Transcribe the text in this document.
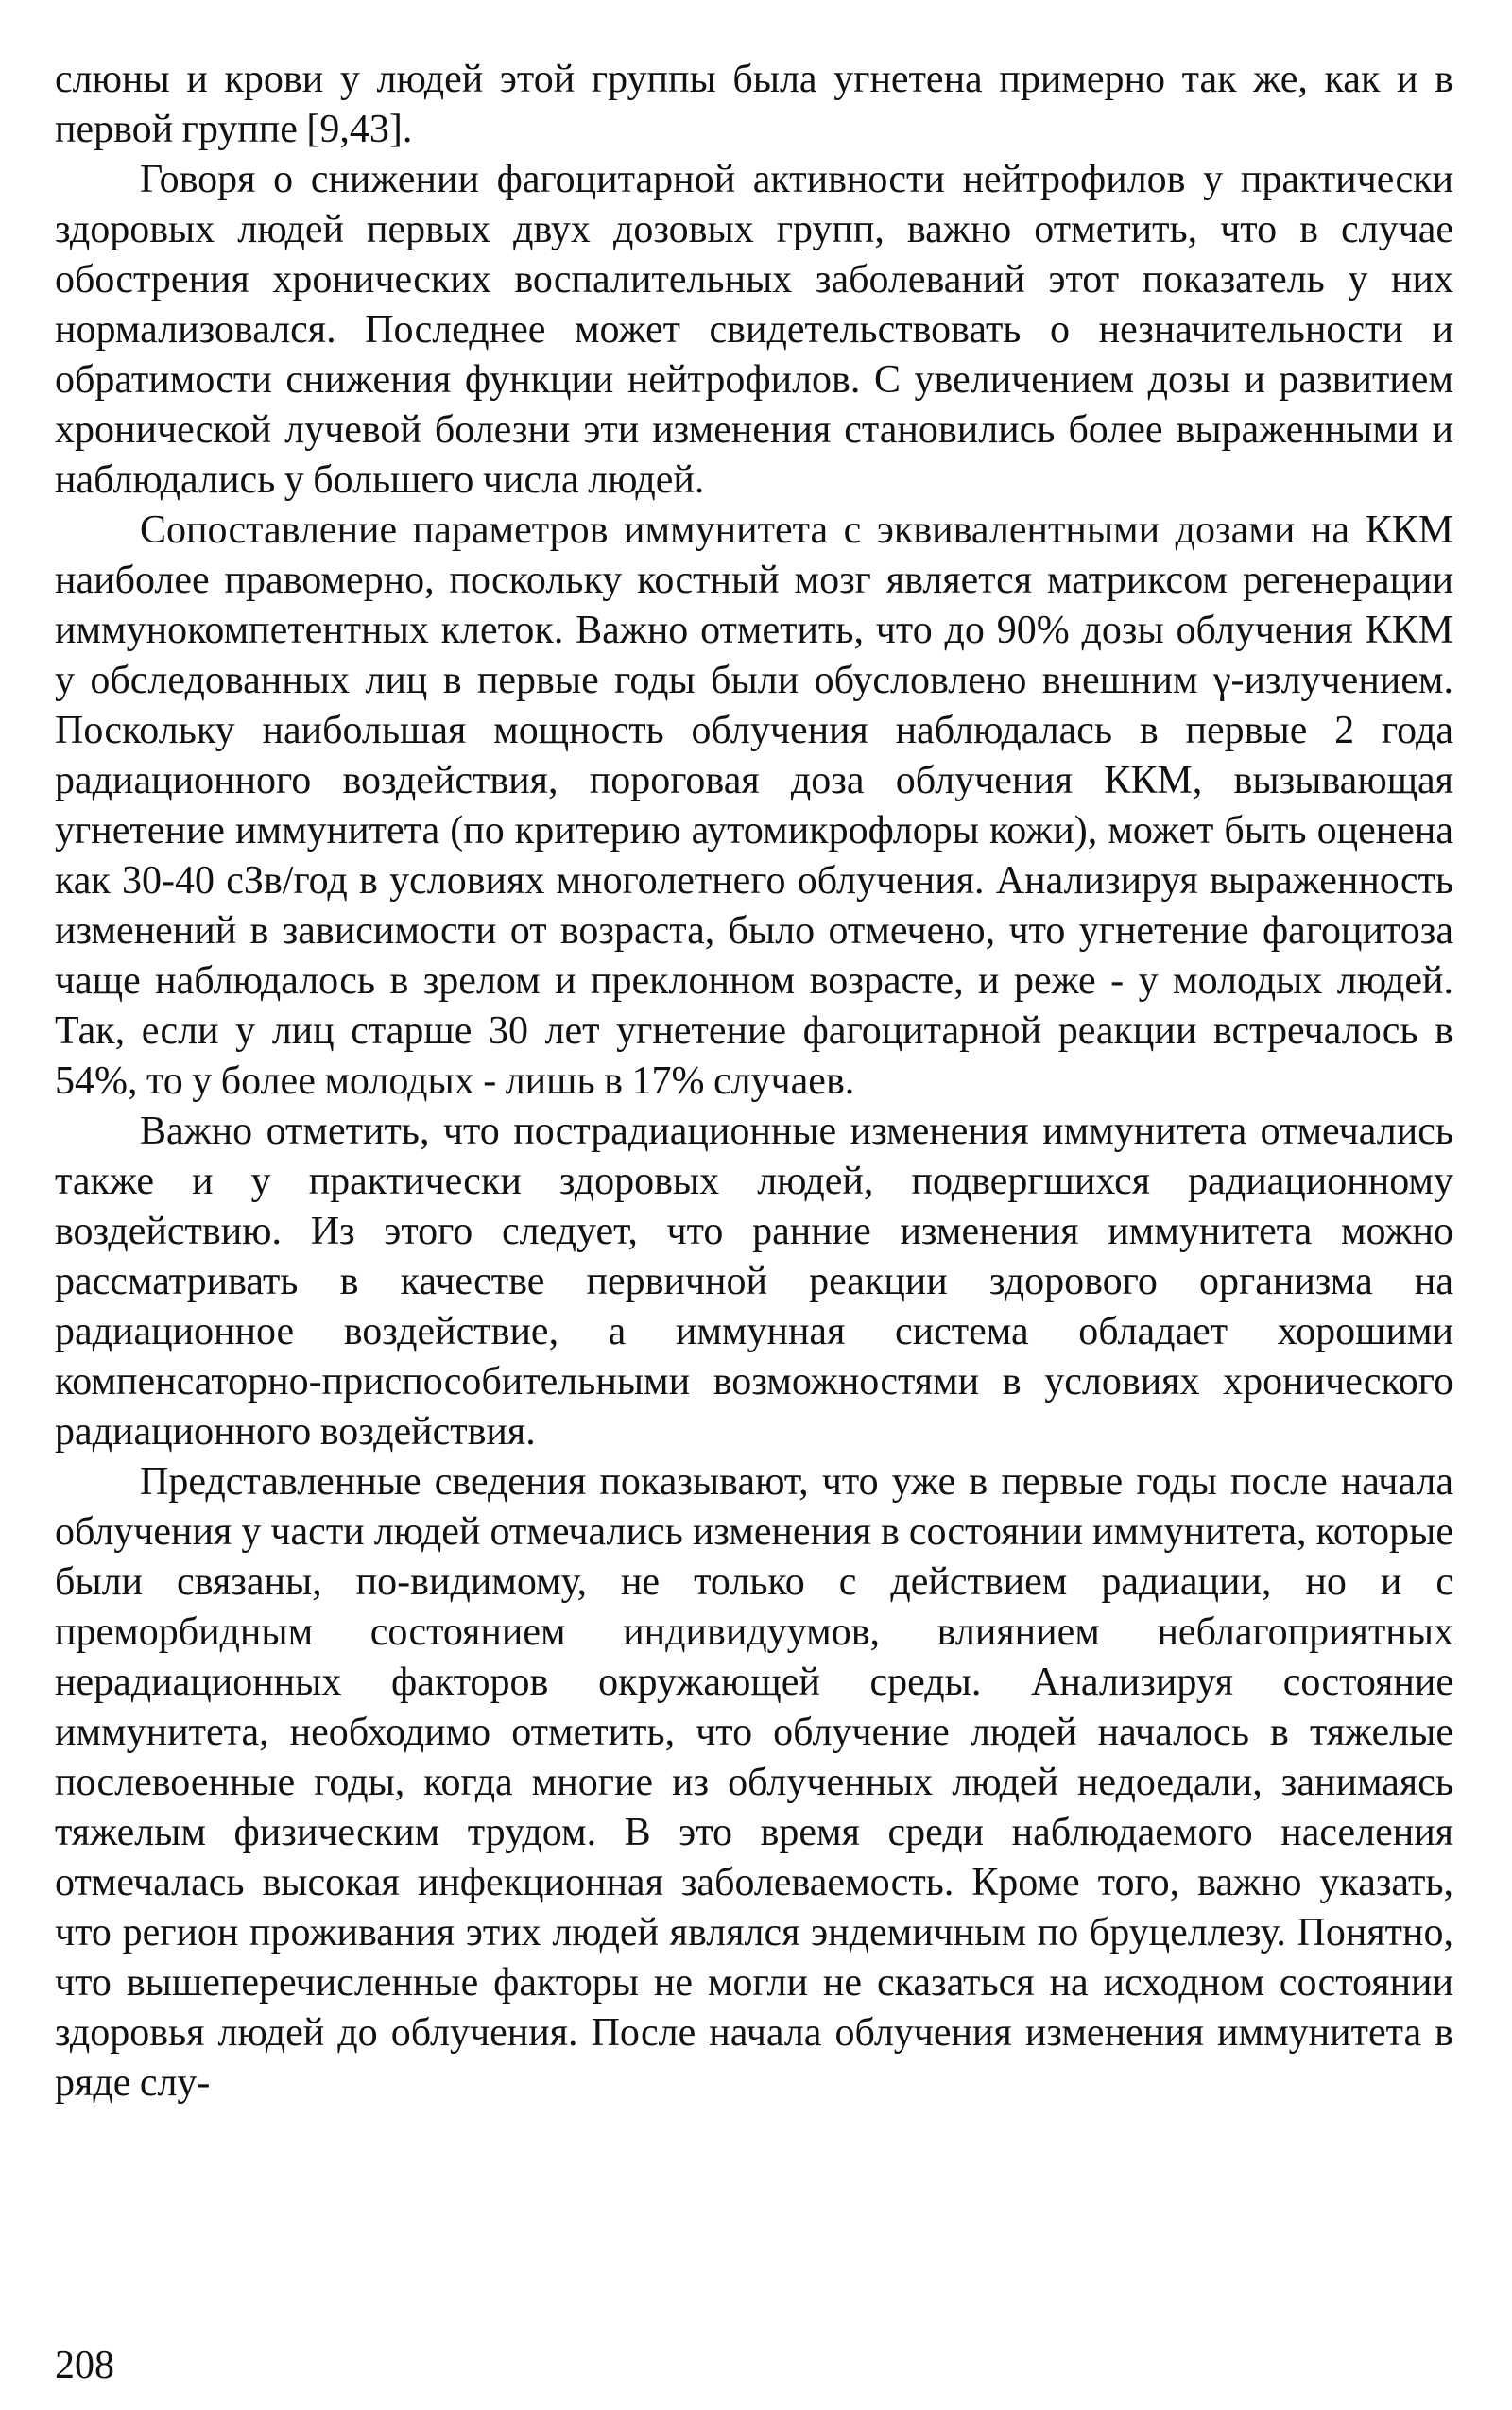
слюны и крови у людей этой группы была угнетена примерно так же, как и в первой группе [9,43].

Говоря о снижении фагоцитарной активности нейтрофилов у практически здоровых людей первых двух дозовых групп, важно отметить, что в случае обострения хронических воспалительных заболеваний этот показатель у них нормализовался. Последнее может свидетельствовать о незначительности и обратимости снижения функции нейтрофилов. С увеличением дозы и развитием хронической лучевой болезни эти изменения становились более выраженными и наблюдались у большего числа людей.

Сопоставление параметров иммунитета с эквивалентными дозами на ККМ наиболее правомерно, поскольку костный мозг является матриксом регенерации иммунокомпетентных клеток. Важно отметить, что до 90% дозы облучения ККМ у обследованных лиц в первые годы были обусловлено внешним γ-излучением. Поскольку наибольшая мощность облучения наблюдалась в первые 2 года радиационного воздействия, пороговая доза облучения ККМ, вызывающая угнетение иммунитета (по критерию аутомикрофлоры кожи), может быть оценена как 30-40 сЗв/год в условиях многолетнего облучения. Анализируя выраженность изменений в зависимости от возраста, было отмечено, что угнетение фагоцитоза чаще наблюдалось в зрелом и преклонном возрасте, и реже - у молодых людей. Так, если у лиц старше 30 лет угнетение фагоцитарной реакции встречалось в 54%, то у более молодых - лишь в 17% случаев.

Важно отметить, что пострадиационные изменения иммунитета отмечались также и у практически здоровых людей, подвергшихся радиационному воздействию. Из этого следует, что ранние изменения иммунитета можно рассматривать в качестве первичной реакции здорового организма на радиационное воздействие, а иммунная система обладает хорошими компенсаторно-приспособительными возможностями в условиях хронического радиационного воздействия.

Представленные сведения показывают, что уже в первые годы после начала облучения у части людей отмечались изменения в состоянии иммунитета, которые были связаны, по-видимому, не только с действием радиации, но и с преморбидным состоянием индивидуумов, влиянием неблагоприятных нерадиационных факторов окружающей среды. Анализируя состояние иммунитета, необходимо отметить, что облучение людей началось в тяжелые послевоенные годы, когда многие из облученных людей недоедали, занимаясь тяжелым физическим трудом. В это время среди наблюдаемого населения отмечалась высокая инфекционная заболеваемость. Кроме того, важно указать, что регион проживания этих людей являлся эндемичным по бруцеллезу. Понятно, что вышеперечисленные факторы не могли не сказаться на исходном состоянии здоровья людей до облучения. После начала облучения изменения иммунитета в ряде слу-

208
